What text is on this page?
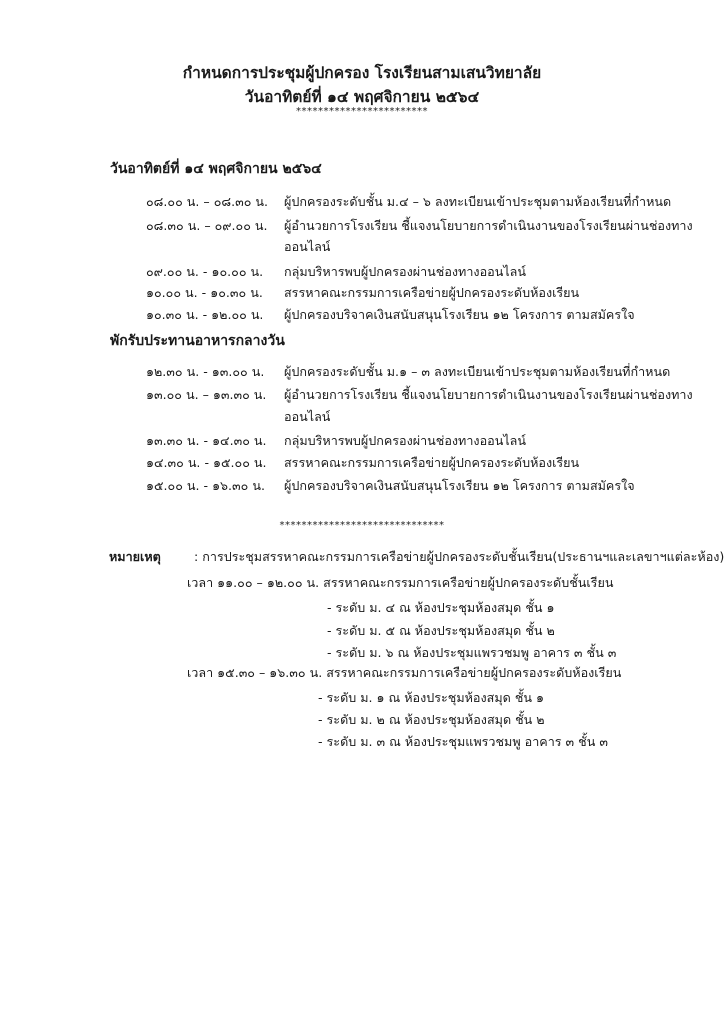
กำหนดการประชุมผู้ปกครอง โรงเรียนสามเสนวิทยาลัย
วันอาทิตย์ที่ ๑๔ พฤศจิกายน ๒๕๖๔
************************
วันอาทิตย์ที่ ๑๔ พฤศจิกายน ๒๕๖๔
๐๘.๐๐ น. – ๐๘.๓๐ น. ผู้ปกครองระดับชั้น ม.๔ – ๖ ลงทะเบียนเข้าประชุมตามห้องเรียนที่กำหนด
๐๘.๓๐ น. – ๐๙.๐๐ น. ผู้อำนวยการโรงเรียน ชี้แจงนโยบายการดำเนินงานของโรงเรียนผ่านช่องทาง
ออนไลน์
๐๙.๐๐ น. - ๑๐.๐๐ น. กลุ่มบริหารพบผู้ปกครองผ่านช่องทางออนไลน์
๑๐.๐๐ น. - ๑๐.๓๐ น. สรรหาคณะกรรมการเครือข่ายผู้ปกครองระดับห้องเรียน
๑๐.๓๐ น. - ๑๒.๐๐ น. ผู้ปกครองบริจาคเงินสนับสนุนโรงเรียน ๑๒ โครงการ ตามสมัครใจ
พักรับประทานอาหารกลางวัน
๑๒.๓๐ น. - ๑๓.๐๐ น. ผู้ปกครองระดับชั้น ม.๑ – ๓ ลงทะเบียนเข้าประชุมตามห้องเรียนที่กำหนด
๑๓.๐๐ น. – ๑๓.๓๐ น. ผู้อำนวยการโรงเรียน ชี้แจงนโยบายการดำเนินงานของโรงเรียนผ่านช่องทาง
ออนไลน์
๑๓.๓๐ น. - ๑๔.๓๐ น. กลุ่มบริหารพบผู้ปกครองผ่านช่องทางออนไลน์
๑๔.๓๐ น. - ๑๕.๐๐ น. สรรหาคณะกรรมการเครือข่ายผู้ปกครองระดับห้องเรียน
๑๕.๐๐ น. - ๑๖.๓๐ น. ผู้ปกครองบริจาคเงินสนับสนุนโรงเรียน ๑๒ โครงการ ตามสมัครใจ
******************************
หมายเหตุ	: การประชุมสรรหาคณะกรรมการเครือข่ายผู้ปกครองระดับชั้นเรียน(ประธานฯและเลขาฯแต่ละห้อง)
เวลา ๑๑.๐๐ – ๑๒.๐๐ น. สรรหาคณะกรรมการเครือข่ายผู้ปกครองระดับชั้นเรียน
- ระดับ ม. ๔ ณ ห้องประชุมห้องสมุด ชั้น ๑
- ระดับ ม. ๕ ณ ห้องประชุมห้องสมุด ชั้น ๒
- ระดับ ม. ๖ ณ ห้องประชุมแพรวชมพู อาคาร ๓ ชั้น ๓
เวลา ๑๕.๓๐ – ๑๖.๓๐ น. สรรหาคณะกรรมการเครือข่ายผู้ปกครองระดับห้องเรียน
- ระดับ ม. ๑ ณ ห้องประชุมห้องสมุด ชั้น ๑
- ระดับ ม. ๒ ณ ห้องประชุมห้องสมุด ชั้น ๒
- ระดับ ม. ๓ ณ ห้องประชุมแพรวชมพู อาคาร ๓ ชั้น ๓
